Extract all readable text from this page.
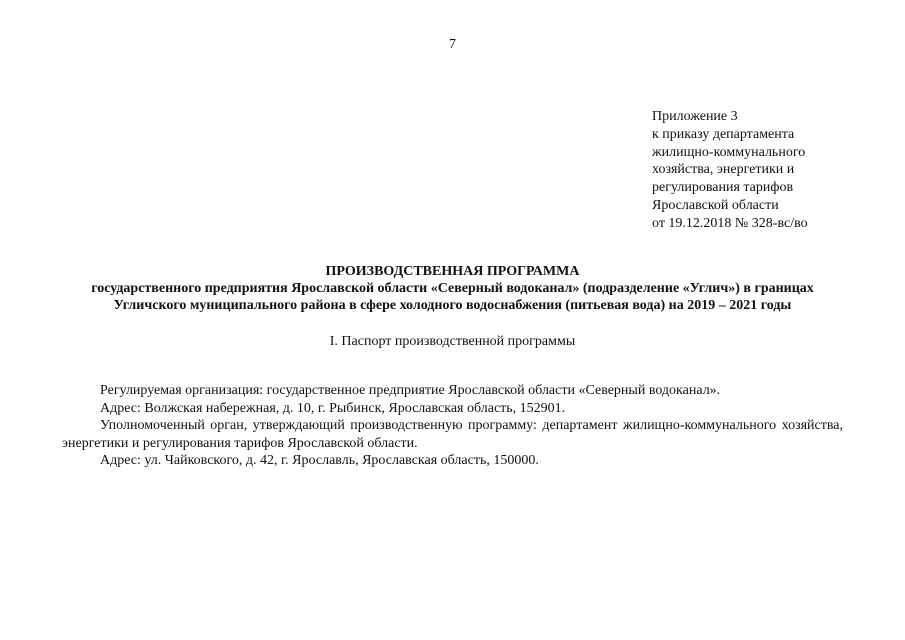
7
Приложение 3
к приказу департамента
жилищно-коммунального
хозяйства, энергетики и
регулирования тарифов
Ярославской области
от 19.12.2018 № 328-вс/во
ПРОИЗВОДСТВЕННАЯ ПРОГРАММА
государственного предприятия Ярославской области «Северный водоканал» (подразделение «Углич») в границах
Угличского муниципального района в сфере холодного водоснабжения (питьевая вода) на 2019 – 2021 годы
I. Паспорт производственной программы

Регулируемая организация: государственное предприятие Ярославской области «Северный водоканал».

Адрес: Волжская набережная, д. 10, г. Рыбинск, Ярославская область, 152901.

Уполномоченный орган, утверждающий производственную программу: департамент жилищно-коммунального хозяйства, энергетики и регулирования тарифов Ярославской области.

Адрес: ул. Чайковского, д. 42, г. Ярославль, Ярославская область, 150000.
